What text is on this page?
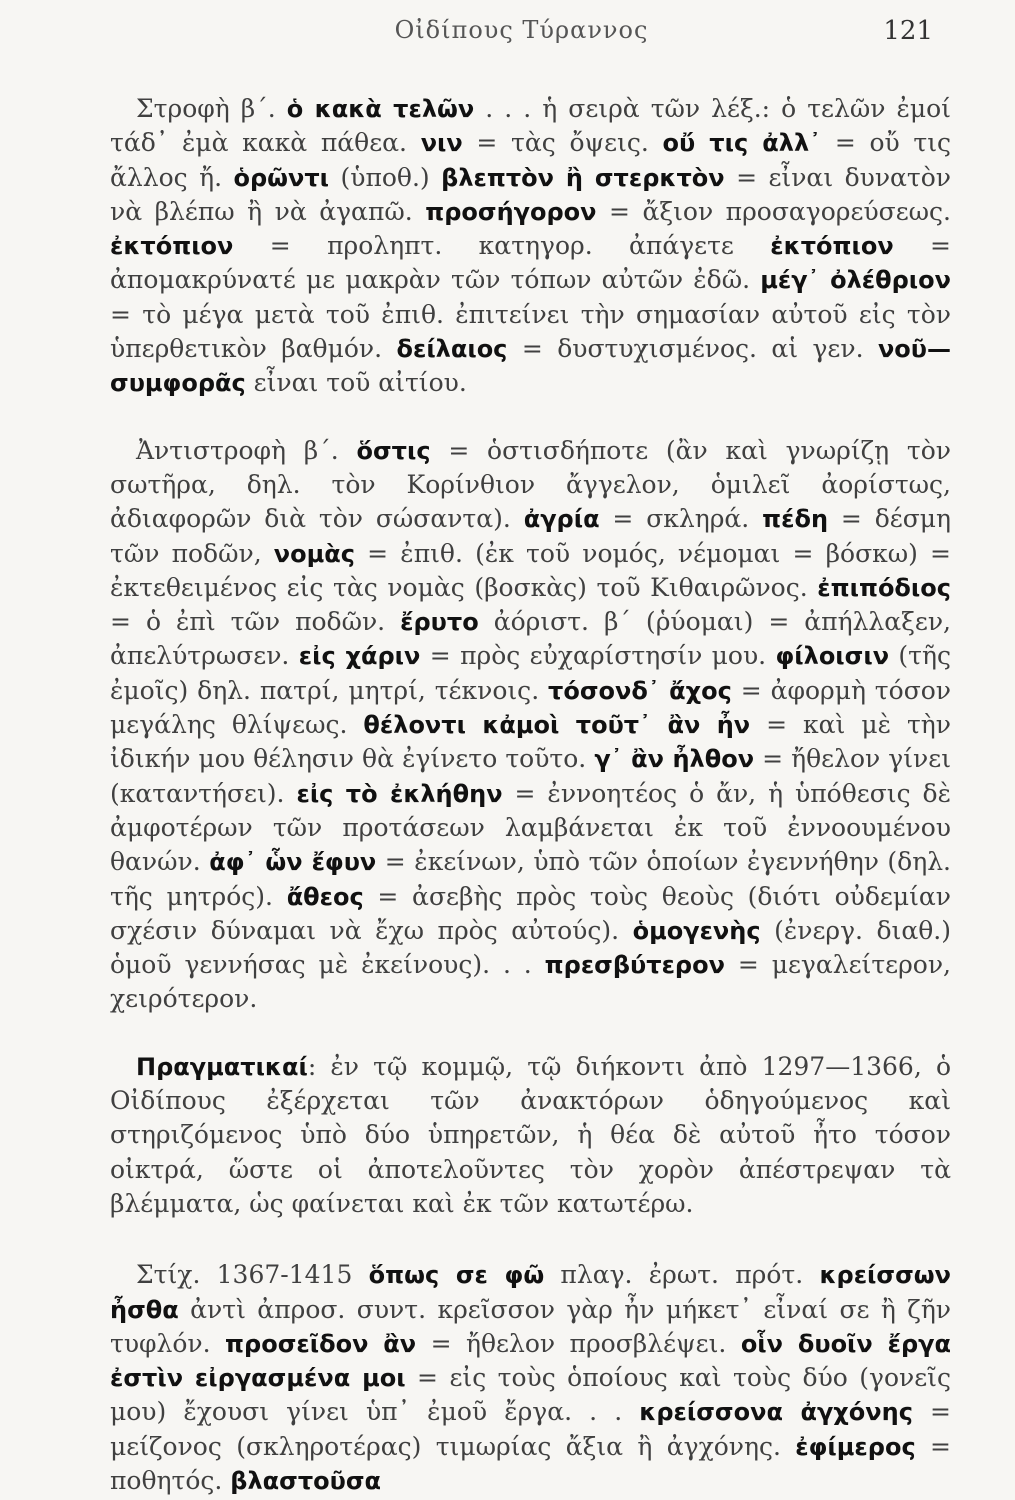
Οἰδίπους Τύραννος	121

Στροφὴ β΄. ὁ κακὰ τελῶν . . . ἡ σειρὰ τῶν λέξ.: ὁ τελῶν ἐμοί τάδ᾽ ἐμὰ κακὰ πάθεα. νιν = τὰς ὄψεις. οὔ τις ἀλλ᾽ = οὔ τις ἄλλος ἤ. ὁρῶντι (ὑποθ.) βλεπτὸν ἢ στερκτὸν = εἶναι δυνατὸν νὰ βλέπω ἢ νὰ ἀγαπῶ. προσήγορον = ἄξιον προσαγορεύσεως. ἐκτόπιον = προληπτ. κατηγορ. ἀπάγετε ἐκτόπιον = ἀπομακρύνατέ με μακρὰν τῶν τόπων αὐτῶν ἐδῶ. μέγ᾽ ὀλέθριον = τὸ μέγα μετὰ τοῦ ἐπιθ. ἐπιτείνει τὴν σημασίαν αὐτοῦ εἰς τὸν ὑπερθετικὸν βαθμόν. δείλαιος = δυστυχισμένος. αἱ γεν. νοῦ—συμφορᾶς εἶναι τοῦ αἰτίου.

Ἀντιστροφὴ β΄. ὅστις = ὁστισδήποτε (ἂν καὶ γνωρίζῃ τὸν σωτῆρα, δηλ. τὸν Κορίνθιον ἄγγελον, ὁμιλεῖ ἀορίστως, ἀδιαφορῶν διὰ τὸν σώσαντα). ἀγρία = σκληρά. πέδη = δέσμη τῶν ποδῶν, νομὰς = ἐπιθ. (ἐκ τοῦ νομός, νέμομαι = βόσκω) = ἐκτεθειμένος εἰς τὰς νομὰς (βοσκὰς) τοῦ Κιθαιρῶνος. ἐπιπόδιος = ὁ ἐπὶ τῶν ποδῶν. ἔρυτο ἀόριστ. β΄ (ῥύομαι) = ἀπήλλαξεν, ἀπελύτρωσεν. εἰς χάριν = πρὸς εὐχαρίστησίν μου. φίλοισιν (τῆς ἐμοῖς) δηλ. πατρί, μητρί, τέκνοις. τόσονδ᾽ ἄχος = ἀφορμὴ τόσον μεγάλης θλίψεως. θέλοντι κἀμοὶ τοῦτ᾽ ἂν ἦν = καὶ μὲ τὴν ἰδικήν μου θέλησιν θὰ ἐγίνετο τοῦτο. γ᾽ ἂν ἦλθον = ἤθελον γίνει (καταντήσει). εἰς τὸ ἐκλήθην = ἐννοητέος ὁ ἄν, ἡ ὑπόθεσις δὲ ἀμφοτέρων τῶν προτάσεων λαμβάνεται ἐκ τοῦ ἐννοουμένου θανών. ἀφ᾽ ὧν ἔφυν = ἐκείνων, ὑπὸ τῶν ὁποίων ἐγεννήθην (δηλ. τῆς μητρός). ἄθεος = ἀσεβὴς πρὸς τοὺς θεοὺς (διότι οὐδεμίαν σχέσιν δύναμαι νὰ ἔχω πρὸς αὐτούς). ὁμογενὴς (ἐνεργ. διαθ.) ὁμοῦ γεννήσας μὲ ἐκείνους). . . πρεσβύτερον = μεγαλείτερον, χειρότερον.

Πραγματικαί: ἐν τῷ κομμῷ, τῷ διήκοντι ἀπὸ 1297—1366, ὁ Οἰδίπους ἐξέρχεται τῶν ἀνακτόρων ὁδηγούμενος καὶ στηριζόμενος ὑπὸ δύο ὑπηρετῶν, ἡ θέα δὲ αὐτοῦ ἦτο τόσον οἰκτρά, ὥστε οἱ ἀποτελοῦντες τὸν χορὸν ἀπέστρεψαν τὰ βλέμματα, ὡς φαίνεται καὶ ἐκ τῶν κατωτέρω.

Στίχ. 1367-1415 ὅπως σε φῶ πλαγ. ἐρωτ. πρότ. κρείσσων ἦσθα ἀντὶ ἀπροσ. συντ. κρεῖσσον γὰρ ἦν μήκετ᾽ εἶναί σε ἢ ζῆν τυφλόν. προσεῖδον ἂν = ἤθελον προσβλέψει. οἷν δυοῖν ἔργα ἐστὶν εἰργασμένα μοι = εἰς τοὺς ὁποίους καὶ τοὺς δύο (γονεῖς μου) ἔχουσι γίνει ὑπ᾽ ἐμοῦ ἔργα. . . κρείσσονα ἀγχόνης = μείζονος (σκληροτέρας) τιμωρίας ἄξια ἢ ἀγχόνης. ἐφίμερος = ποθητός. βλαστοῦσα
